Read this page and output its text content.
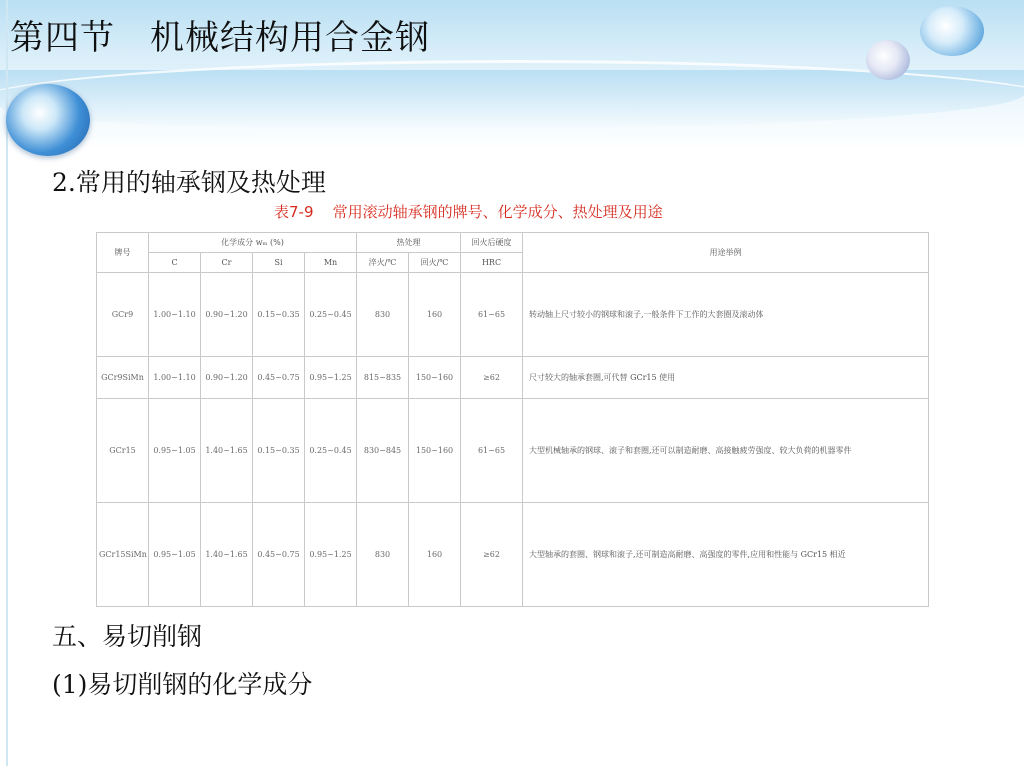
第四节　机械结构用合金钢
2.常用的轴承钢及热处理
表7-9    常用滚动轴承钢的牌号、化学成分、热处理及用途
牌号	化学成分 wₘ (%)				热处理		回火后硬度	用途举例
	C	Cr	Si	Mn	淬火/℃	回火/℃	HRC	
GCr9	1.00~1.10	0.90~1.20	0.15~0.35	0.25~0.45	830	160	61~65	转动轴上尺寸较小的钢球和滚子,一般条件下工作的大套圈及滚动体
GCr9SiMn	1.00~1.10	0.90~1.20	0.45~0.75	0.95~1.25	815~835	150~160	≥62	尺寸较大的轴承套圈,可代替 GCr15 使用
GCr15	0.95~1.05	1.40~1.65	0.15~0.35	0.25~0.45	830~845	150~160	61~65	大型机械轴承的钢球、滚子和套圈,还可以制造耐磨、高接触疲劳强度、较大负荷的机器零件
GCr15SiMn	0.95~1.05	1.40~1.65	0.45~0.75	0.95~1.25	830	160	≥62	大型轴承的套圈、钢球和滚子,还可制造高耐磨、高强度的零件,应用和性能与 GCr15 相近
五、易切削钢
(1)易切削钢的化学成分
